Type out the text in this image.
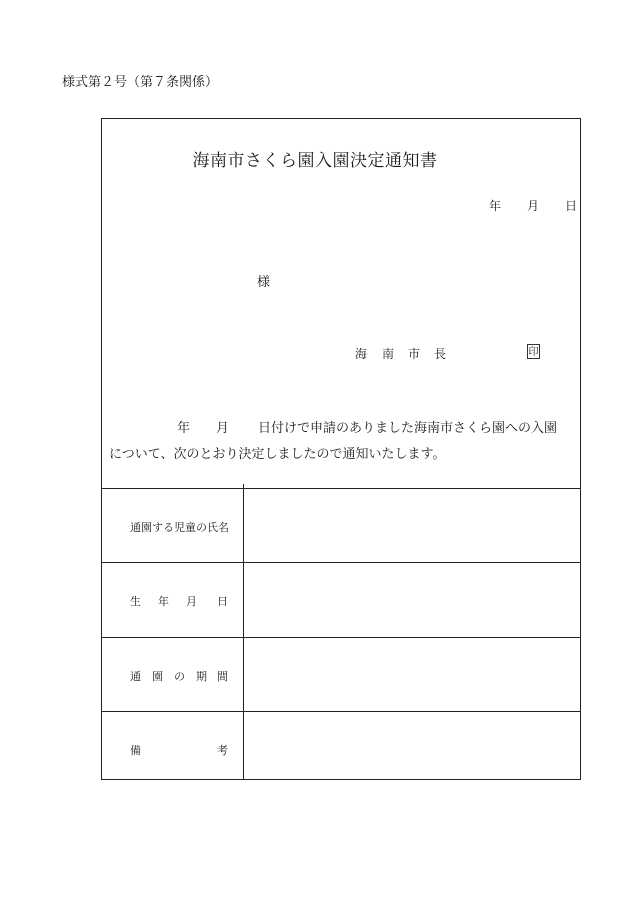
様式第２号（第７条関係）
海南市さくら園入園決定通知書
年 月 日
様
海 南 市 長	印
年 月 日付けで申請のありました海南市さくら園への入園
について、次のとおり決定しましたので通知いたします。
通園する児童の氏名
生 年 月 日
通 園 の 期 間
備	考
